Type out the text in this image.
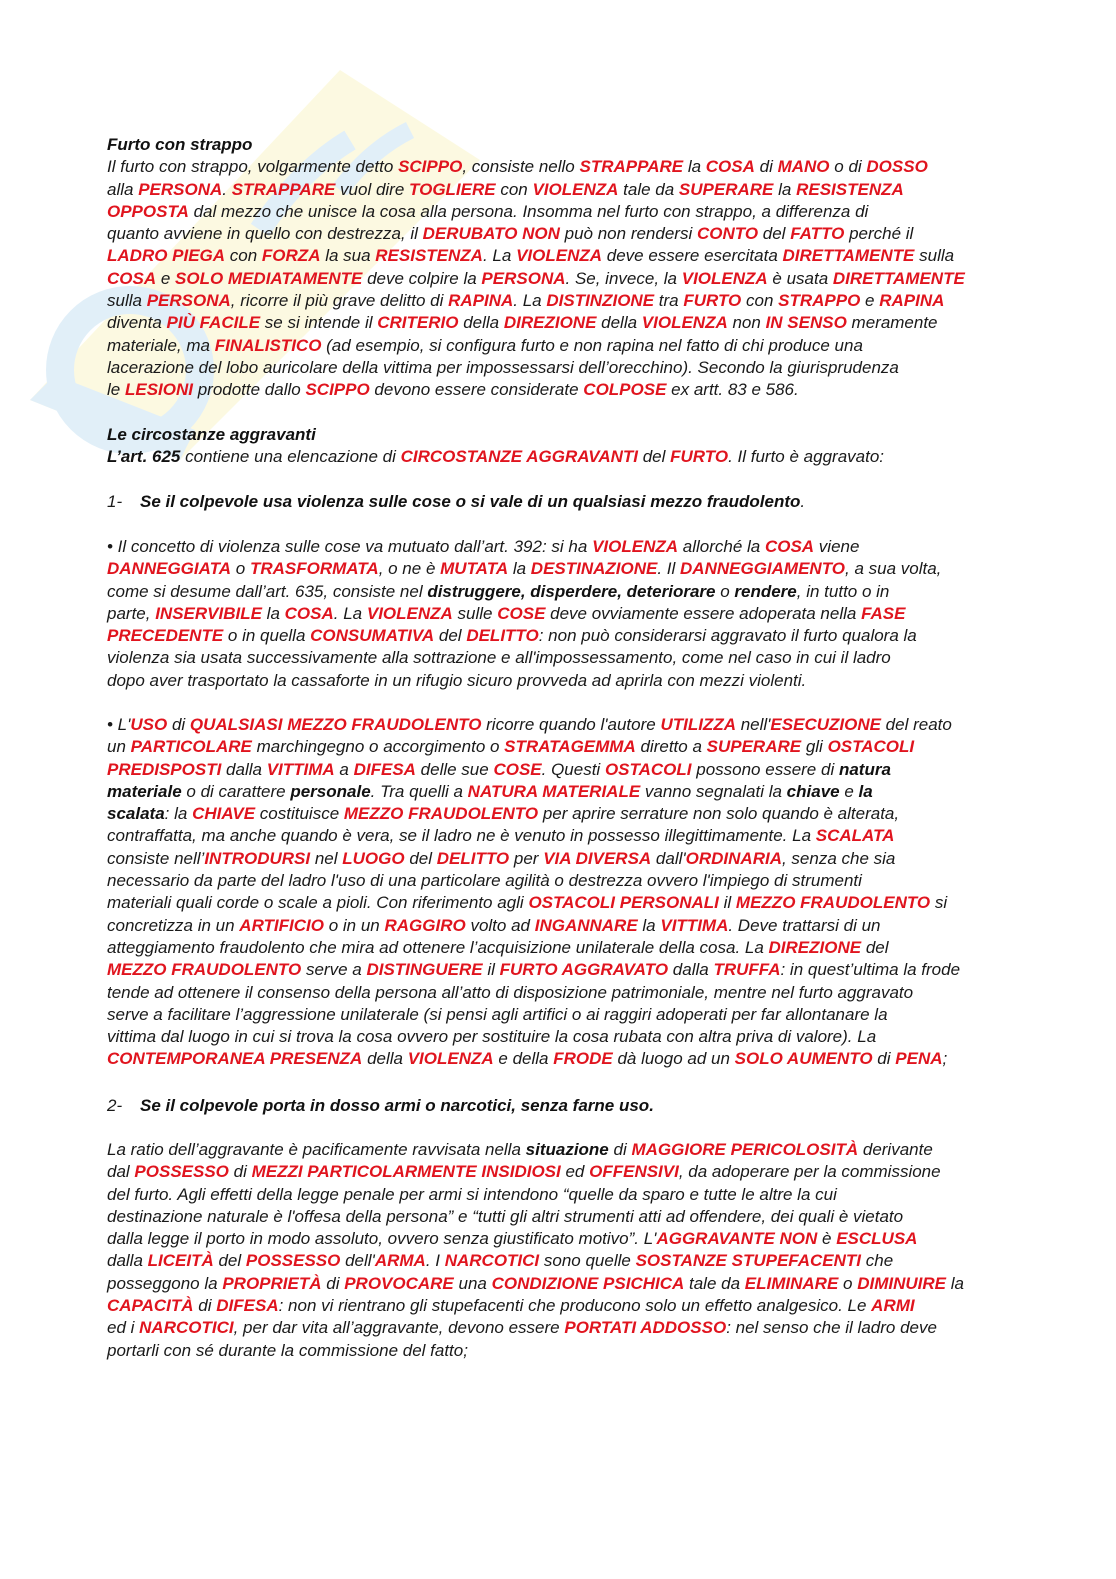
Furto con strappo
Il furto con strappo, volgarmente detto SCIPPO, consiste nello STRAPPARE la COSA di MANO o di DOSSO
alla PERSONA. STRAPPARE vuol dire TOGLIERE con VIOLENZA tale da SUPERARE la RESISTENZA
OPPOSTA dal mezzo che unisce la cosa alla persona. Insomma nel furto con strappo, a differenza di
quanto avviene in quello con destrezza, il DERUBATO NON può non rendersi CONTO del FATTO perché il
LADRO PIEGA con FORZA la sua RESISTENZA. La VIOLENZA deve essere esercitata DIRETTAMENTE sulla
COSA e SOLO MEDIATAMENTE deve colpire la PERSONA. Se, invece, la VIOLENZA è usata DIRETTAMENTE
sulla PERSONA, ricorre il più grave delitto di RAPINA. La DISTINZIONE tra FURTO con STRAPPO e RAPINA
diventa PIÙ FACILE se si intende il CRITERIO della DIREZIONE della VIOLENZA non IN SENSO meramente
materiale, ma FINALISTICO (ad esempio, si configura furto e non rapina nel fatto di chi produce una
lacerazione del lobo auricolare della vittima per impossessarsi dell’orecchino). Secondo la giurisprudenza
le LESIONI prodotte dallo SCIPPO devono essere considerate COLPOSE ex artt. 83 e 586.
Le circostanze aggravanti
L’art. 625 contiene una elencazione di CIRCOSTANZE AGGRAVANTI del FURTO. Il furto è aggravato:
1- Se il colpevole usa violenza sulle cose o si vale di un qualsiasi mezzo fraudolento.
• Il concetto di violenza sulle cose va mutuato dall’art. 392: si ha VIOLENZA allorché la COSA viene
DANNEGGIATA o TRASFORMATA, o ne è MUTATA la DESTINAZIONE. Il DANNEGGIAMENTO, a sua volta,
come si desume dall’art. 635, consiste nel distruggere, disperdere, deteriorare o rendere, in tutto o in
parte, INSERVIBILE la COSA. La VIOLENZA sulle COSE deve ovviamente essere adoperata nella FASE
PRECEDENTE o in quella CONSUMATIVA del DELITTO: non può considerarsi aggravato il furto qualora la
violenza sia usata successivamente alla sottrazione e all'impossessamento, come nel caso in cui il ladro
dopo aver trasportato la cassaforte in un rifugio sicuro provveda ad aprirla con mezzi violenti.
• L'USO di QUALSIASI MEZZO FRAUDOLENTO ricorre quando l'autore UTILIZZA nell'ESECUZIONE del reato
un PARTICOLARE marchingegno o accorgimento o STRATAGEMMA diretto a SUPERARE gli OSTACOLI
PREDISPOSTI dalla VITTIMA a DIFESA delle sue COSE. Questi OSTACOLI possono essere di natura
materiale o di carattere personale. Tra quelli a NATURA MATERIALE vanno segnalati la chiave e la
scalata: la CHIAVE costituisce MEZZO FRAUDOLENTO per aprire serrature non solo quando è alterata,
contraffatta, ma anche quando è vera, se il ladro ne è venuto in possesso illegittimamente. La SCALATA
consiste nell’INTRODURSI nel LUOGO del DELITTO per VIA DIVERSA dall'ORDINARIA, senza che sia
necessario da parte del ladro l'uso di una particolare agilità o destrezza ovvero l'impiego di strumenti
materiali quali corde o scale a pioli. Con riferimento agli OSTACOLI PERSONALI il MEZZO FRAUDOLENTO si
concretizza in un ARTIFICIO o in un RAGGIRO volto ad INGANNARE la VITTIMA. Deve trattarsi di un
atteggiamento fraudolento che mira ad ottenere l’acquisizione unilaterale della cosa. La DIREZIONE del
MEZZO FRAUDOLENTO serve a DISTINGUERE il FURTO AGGRAVATO dalla TRUFFA: in quest’ultima la frode
tende ad ottenere il consenso della persona all’atto di disposizione patrimoniale, mentre nel furto aggravato
serve a facilitare l’aggressione unilaterale (si pensi agli artifici o ai raggiri adoperati per far allontanare la
vittima dal luogo in cui si trova la cosa ovvero per sostituire la cosa rubata con altra priva di valore). La
CONTEMPORANEA PRESENZA della VIOLENZA e della FRODE dà luogo ad un SOLO AUMENTO di PENA;
2- Se il colpevole porta in dosso armi o narcotici, senza farne uso.
La ratio dell’aggravante è pacificamente ravvisata nella situazione di MAGGIORE PERICOLOSITÀ derivante
dal POSSESSO di MEZZI PARTICOLARMENTE INSIDIOSI ed OFFENSIVI, da adoperare per la commissione
del furto. Agli effetti della legge penale per armi si intendono “quelle da sparo e tutte le altre la cui
destinazione naturale è l'offesa della persona” e “tutti gli altri strumenti atti ad offendere, dei quali è vietato
dalla legge il porto in modo assoluto, ovvero senza giustificato motivo”. L'AGGRAVANTE NON è ESCLUSA
dalla LICEITÀ del POSSESSO dell'ARMA. I NARCOTICI sono quelle SOSTANZE STUPEFACENTI che
posseggono la PROPRIETÀ di PROVOCARE una CONDIZIONE PSICHICA tale da ELIMINARE o DIMINUIRE la
CAPACITÀ di DIFESA: non vi rientrano gli stupefacenti che producono solo un effetto analgesico. Le ARMI
ed i NARCOTICI, per dar vita all’aggravante, devono essere PORTATI ADDOSSO: nel senso che il ladro deve
portarli con sé durante la commissione del fatto;
